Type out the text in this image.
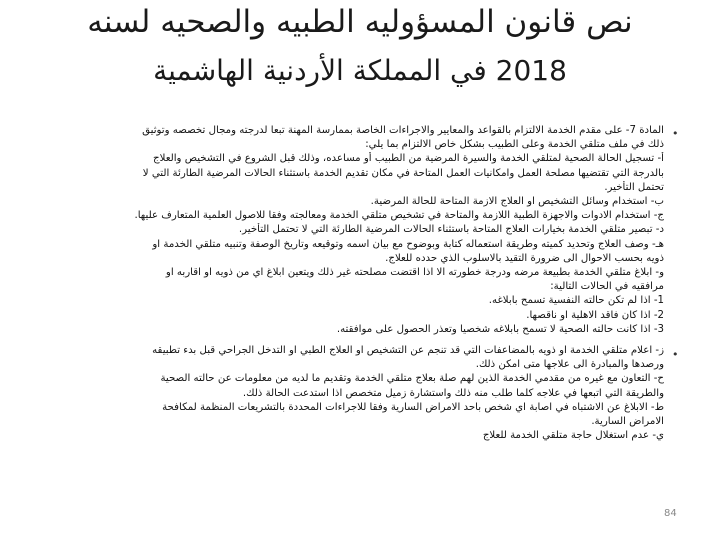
نص قانون المسؤوليه الطبيه والصحيه لسنه
2018 في المملكة الأردنية الهاشمية
•
المادة 7- على مقدم الخدمة الالتزام بالقواعد والمعايير والاجراءات الخاصة بممارسة المهنة تبعا لدرجته ومجال تخصصه وتوثيق
ذلك في ملف متلقي الخدمة وعلى الطبيب بشكل خاص الالتزام بما يلي:
أ- تسجيل الحالة الصحية لمتلقي الخدمة والسيرة المرضية من الطبيب أو مساعده، وذلك قبل الشروع في التشخيص والعلاج
بالدرجة التي تقتضيها مصلحة العمل وامكانيات العمل المتاحة في مكان تقديم الخدمة باستثناء الحالات المرضية الطارئة التي لا
تحتمل التأخير.
ب- استخدام وسائل التشخيص او العلاج الازمة المتاحة للحالة المرضية.
ج- استخدام الادوات والاجهزة الطبية اللازمة والمتاحة في تشخيص متلقي الخدمة ومعالجته وفقا للاصول العلمية المتعارف عليها.
د- تبصير متلقي الخدمة بخيارات العلاج المتاحة باستثناء الحالات المرضية الطارئة التي لا تحتمل التأخير.
هـ- وصف العلاج وتحديد كميته وطريقة استعماله كتابة وبوضوح مع بيان اسمه وتوقيعه وتاريخ الوصفة وتنبيه متلقي الخدمة او
ذويه بحسب الاحوال الى ضرورة التقيد بالاسلوب الذي حدده للعلاج.
و- ابلاغ متلقي الخدمة بطبيعة مرضه ودرجة خطورته الا اذا اقتضت مصلحته غير ذلك ويتعين ابلاغ اي من ذويه او اقاربه او
مرافقيه في الحالات التالية:
1- اذا لم تكن حالته النفسية تسمح بابلاغه.
2- اذا كان فاقد الاهلية او ناقصها.
3- اذا كانت حالته الصحية لا تسمح بابلاغه شخصيا وتعذر الحصول على موافقته.
•
ز- اعلام متلقي الخدمة او ذويه بالمضاعفات التي قد تنجم عن التشخيص او العلاج الطبي او التدخل الجراحي قبل بدء تطبيقه
ورصدها والمبادرة الى علاجها متى امكن ذلك.
ح- التعاون مع غيره من مقدمي الخدمة الذين لهم صلة بعلاج متلقي الخدمة وتقديم ما لديه من معلومات عن حالته الصحية
والطريقة التي اتبعها في علاجه كلما طلب منه ذلك واستشارة زميل متخصص اذا استدعت الحالة ذلك.
ط- الابلاغ عن الاشتباه في اصابة اي شخص باحد الامراض السارية وفقا للاجراءات المحددة بالتشريعات المنظمة لمكافحة
الامراض السارية.
ي- عدم استغلال حاجة متلقي الخدمة للعلاج
84
